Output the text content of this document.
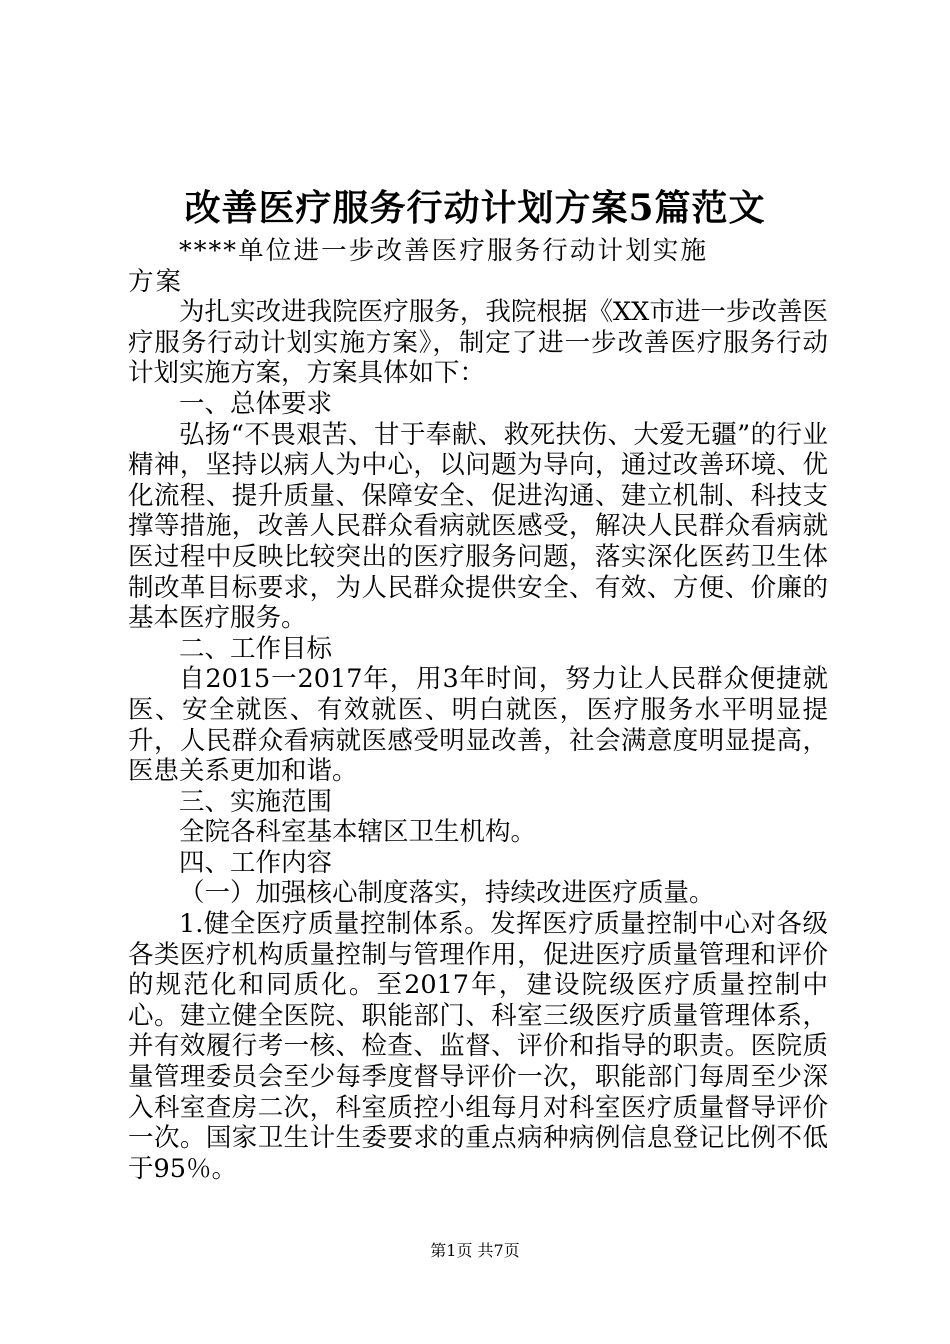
改善医疗服务行动计划方案5篇范文

****单位进一步改善医疗服务行动计划实施方案

为扎实改进我院医疗服务，我院根据《XX市进一步改善医疗服务行动计划实施方案》，制定了进一步改善医疗服务行动计划实施方案，方案具体如下：

一、总体要求

弘扬“不畏艰苦、甘于奉献、救死扶伤、大爱无疆”的行业精神，坚持以病人为中心，以问题为导向，通过改善环境、优化流程、提升质量、保障安全、促进沟通、建立机制、科技支撑等措施，改善人民群众看病就医感受，解决人民群众看病就医过程中反映比较突出的医疗服务问题，落实深化医药卫生体制改革目标要求，为人民群众提供安全、有效、方便、价廉的基本医疗服务。

二、工作目标

自2015一2017年，用3年时间，努力让人民群众便捷就医、安全就医、有效就医、明白就医，医疗服务水平明显提升，人民群众看病就医感受明显改善，社会满意度明显提高，医患关系更加和谐。

三、实施范围

全院各科室基本辖区卫生机构。

四、工作内容

（一）加强核心制度落实，持续改进医疗质量。

1.健全医疗质量控制体系。发挥医疗质量控制中心对各级各类医疗机构质量控制与管理作用，促进医疗质量管理和评价的规范化和同质化。至2017年，建设院级医疗质量控制中心。建立健全医院、职能部门、科室三级医疗质量管理体系，并有效履行考一核、检查、监督、评价和指导的职责。医院质量管理委员会至少每季度督导评价一次，职能部门每周至少深入科室查房二次，科室质控小组每月对科室医疗质量督导评价一次。国家卫生计生委要求的重点病种病例信息登记比例不低于95％。

第1页 共7页
